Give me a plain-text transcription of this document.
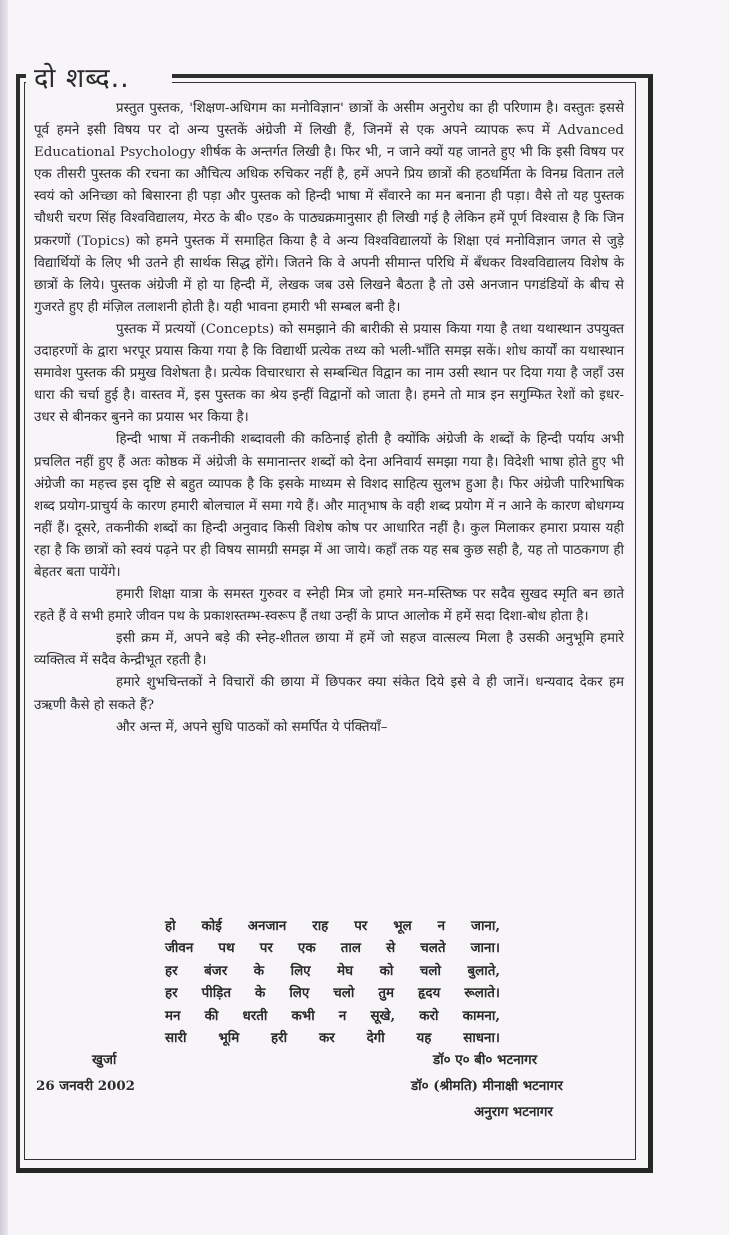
दो शब्द..

प्रस्तुत पुस्तक, 'शिक्षण-अधिगम का मनोविज्ञान' छात्रों के असीम अनुरोध का ही परिणाम है। वस्तुतः इससे पूर्व हमने इसी विषय पर दो अन्य पुस्तकें अंग्रेजी में लिखी हैं, जिनमें से एक अपने व्यापक रूप में Advanced Educational Psychology शीर्षक के अन्तर्गत लिखी है। फिर भी, न जाने क्यों यह जानते हुए भी कि इसी विषय पर एक तीसरी पुस्तक की रचना का औचित्य अधिक रुचिकर नहीं है, हमें अपने प्रिय छात्रों की हठधर्मिता के विनम्र वितान तले स्वयं को अनिच्छा को बिसारना ही पड़ा और पुस्तक को हिन्दी भाषा में सँवारने का मन बनाना ही पड़ा। वैसे तो यह पुस्तक चौधरी चरण सिंह विश्वविद्यालय, मेरठ के बी० एड० के पाठ्यक्रमानुसार ही लिखी गई है लेकिन हमें पूर्ण विश्वास है कि जिन प्रकरणों (Topics) को हमने पुस्तक में समाहित किया है वे अन्य विश्वविद्यालयों के शिक्षा एवं मनोविज्ञान जगत से जुड़े विद्यार्थियों के लिए भी उतने ही सार्थक सिद्ध होंगे। जितने कि वे अपनी सीमान्त परिधि में बँधकर विश्वविद्यालय विशेष के छात्रों के लिये। पुस्तक अंग्रेजी में हो या हिन्दी में, लेखक जब उसे लिखने बैठता है तो उसे अनजान पगडंडियों के बीच से गुजरते हुए ही मंज़िल तलाशनी होती है। यही भावना हमारी भी सम्बल बनी है।

पुस्तक में प्रत्ययों (Concepts) को समझाने की बारीकी से प्रयास किया गया है तथा यथास्थान उपयुक्त उदाहरणों के द्वारा भरपूर प्रयास किया गया है कि विद्यार्थी प्रत्येक तथ्य को भली-भाँति समझ सकें। शोध कार्यों का यथास्थान समावेश पुस्तक की प्रमुख विशेषता है। प्रत्येक विचारधारा से सम्बन्धित विद्वान का नाम उसी स्थान पर दिया गया है जहाँ उस धारा की चर्चा हुई है। वास्तव में, इस पुस्तक का श्रेय इन्हीं विद्वानों को जाता है। हमने तो मात्र इन सगुम्फित रेशों को इधर-उधर से बीनकर बुनने का प्रयास भर किया है।

हिन्दी भाषा में तकनीकी शब्दावली की कठिनाई होती है क्योंकि अंग्रेजी के शब्दों के हिन्दी पर्याय अभी प्रचलित नहीं हुए हैं अतः कोष्ठक में अंग्रेजी के समानान्तर शब्दों को देना अनिवार्य समझा गया है। विदेशी भाषा होते हुए भी अंग्रेजी का महत्त्व इस दृष्टि से बहुत व्यापक है कि इसके माध्यम से विशद साहित्य सुलभ हुआ है। फिर अंग्रेजी पारिभाषिक शब्द प्रयोग-प्राचुर्य के कारण हमारी बोलचाल में समा गये हैं। और मातृभाष के वही शब्द प्रयोग में न आने के कारण बोधगम्य नहीं हैं। दूसरे, तकनीकी शब्दों का हिन्दी अनुवाद किसी विशेष कोष पर आधारित नहीं है। कुल मिलाकर हमारा प्रयास यही रहा है कि छात्रों को स्वयं पढ़ने पर ही विषय सामग्री समझ में आ जाये। कहाँ तक यह सब कुछ सही है, यह तो पाठकगण ही बेहतर बता पायेंगे।

हमारी शिक्षा यात्रा के समस्त गुरुवर व स्नेही मित्र जो हमारे मन-मस्तिष्क पर सदैव सुखद स्मृति बन छाते रहते हैं वे सभी हमारे जीवन पथ के प्रकाशस्तम्भ-स्वरूप हैं तथा उन्हीं के प्राप्त आलोक में हमें सदा दिशा-बोध होता है।

इसी क्रम में, अपने बड़े की स्नेह-शीतल छाया में हमें जो सहज वात्सल्य मिला है उसकी अनुभूमि हमारे व्यक्तित्व में सदैव केन्द्रीभूत रहती है।

हमारे शुभचिन्तकों ने विचारों की छाया में छिपकर क्या संकेत दिये इसे वे ही जानें। धन्यवाद देकर हम उऋणी कैसे हो सकते हैं?

और अन्त में, अपने सुधि पाठकों को समर्पित ये पंक्तियाँ–

हो कोई अनजान राह पर भूल न जाना,
जीवन पथ पर एक ताल से चलते जाना।
हर बंजर के लिए मेघ को चलो बुलाते,
हर पीड़ित के लिए चलो तुम हृदय रूलाते।
मन की धरती कभी न सूखे, करो कामना,
सारी भूमि हरी कर देगी यह साधना।
खुर्जा
26 जनवरी 2002
डॉ० ए० बी० भटनागर
डॉ० (श्रीमति) मीनाक्षी भटनागर
अनुराग भटनागर
